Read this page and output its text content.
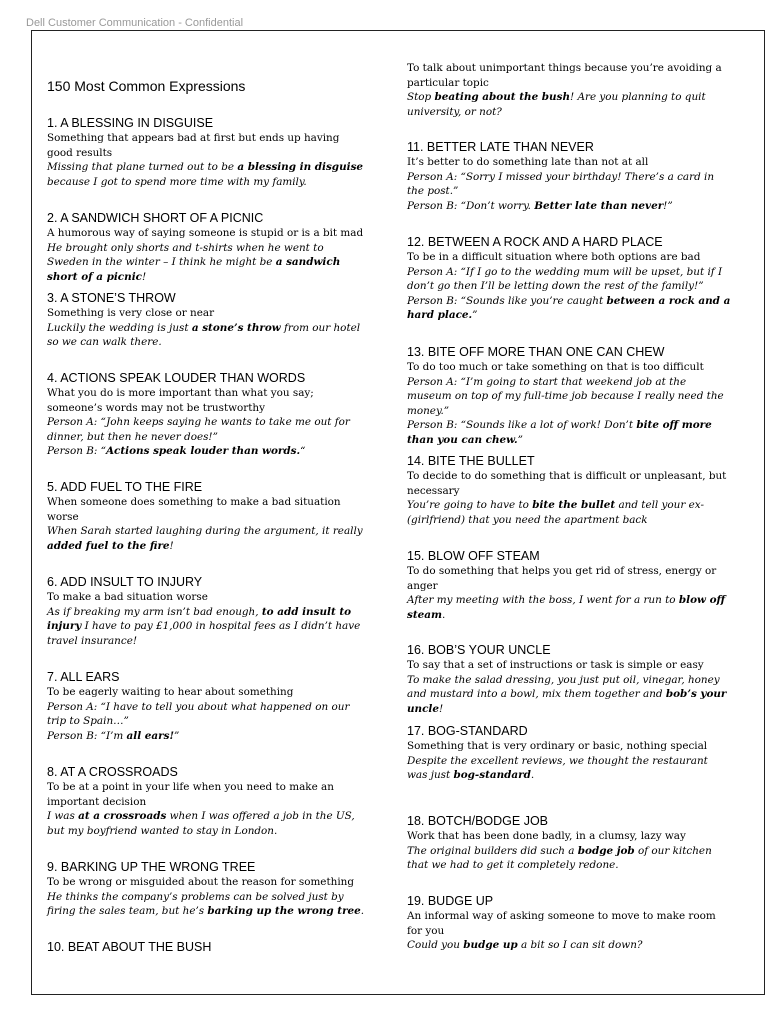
Dell Customer Communication - Confidential
150 Most Common Expressions

1. A BLESSING IN DISGUISE

Something that appears bad at first but ends up having good results

Missing that plane turned out to be a blessing in disguise because I got to spend more time with my family.

2. A SANDWICH SHORT OF A PICNIC

A humorous way of saying someone is stupid or is a bit mad

He brought only shorts and t-shirts when he went to Sweden in the winter – I think he might be a sandwich short of a picnic!

3. A STONE’S THROW

Something is very close or near

Luckily the wedding is just a stone’s throw from our hotel so we can walk there.

4. ACTIONS SPEAK LOUDER THAN WORDS

What you do is more important than what you say; someone’s words may not be trustworthy

Person A: “John keeps saying he wants to take me out for dinner, but then he never does!”

Person B: “Actions speak louder than words.“

5. ADD FUEL TO THE FIRE

When someone does something to make a bad situation worse

When Sarah started laughing during the argument, it really added fuel to the fire!

6. ADD INSULT TO INJURY

To make a bad situation worse

As if breaking my arm isn’t bad enough, to add insult to injury I have to pay £1,000 in hospital fees as I didn’t have travel insurance!

7. ALL EARS

To be eagerly waiting to hear about something

Person A: “I have to tell you about what happened on our trip to Spain…”

Person B: “I’m all ears!”

8. AT A CROSSROADS

To be at a point in your life when you need to make an important decision

I was at a crossroads when I was offered a job in the US, but my boyfriend wanted to stay in London.

9. BARKING UP THE WRONG TREE

To be wrong or misguided about the reason for something

He thinks the company’s problems can be solved just by firing the sales team, but he’s barking up the wrong tree.

10. BEAT ABOUT THE BUSH

To talk about unimportant things because you’re avoiding a particular topic

Stop beating about the bush! Are you planning to quit university, or not?

11. BETTER LATE THAN NEVER

It’s better to do something late than not at all

Person A: “Sorry I missed your birthday! There’s a card in the post.”

Person B: “Don’t worry. Better late than never!”

12. BETWEEN A ROCK AND A HARD PLACE

To be in a difficult situation where both options are bad

Person A: “If I go to the wedding mum will be upset, but if I don’t go then I’ll be letting down the rest of the family!”

Person B: “Sounds like you’re caught between a rock and a hard place.”

13. BITE OFF MORE THAN ONE CAN CHEW

To do too much or take something on that is too difficult

Person A: “I’m going to start that weekend job at the museum on top of my full-time job because I really need the money.”

Person B: “Sounds like a lot of work! Don’t bite off more than you can chew.”

14. BITE THE BULLET

To decide to do something that is difficult or unpleasant, but necessary

You’re going to have to bite the bullet and tell your ex-(girlfriend) that you need the apartment back

15. BLOW OFF STEAM

To do something that helps you get rid of stress, energy or anger

After my meeting with the boss, I went for a run to blow off steam.

16. BOB’S YOUR UNCLE

To say that a set of instructions or task is simple or easy

To make the salad dressing, you just put oil, vinegar, honey and mustard into a bowl, mix them together and bob’s your uncle!

17. BOG-STANDARD

Something that is very ordinary or basic, nothing special

Despite the excellent reviews, we thought the restaurant was just bog-standard.

18. BOTCH/BODGE JOB

Work that has been done badly, in a clumsy, lazy way

The original builders did such a bodge job of our kitchen that we had to get it completely redone.

19. BUDGE UP

An informal way of asking someone to move to make room for you

Could you budge up a bit so I can sit down?
